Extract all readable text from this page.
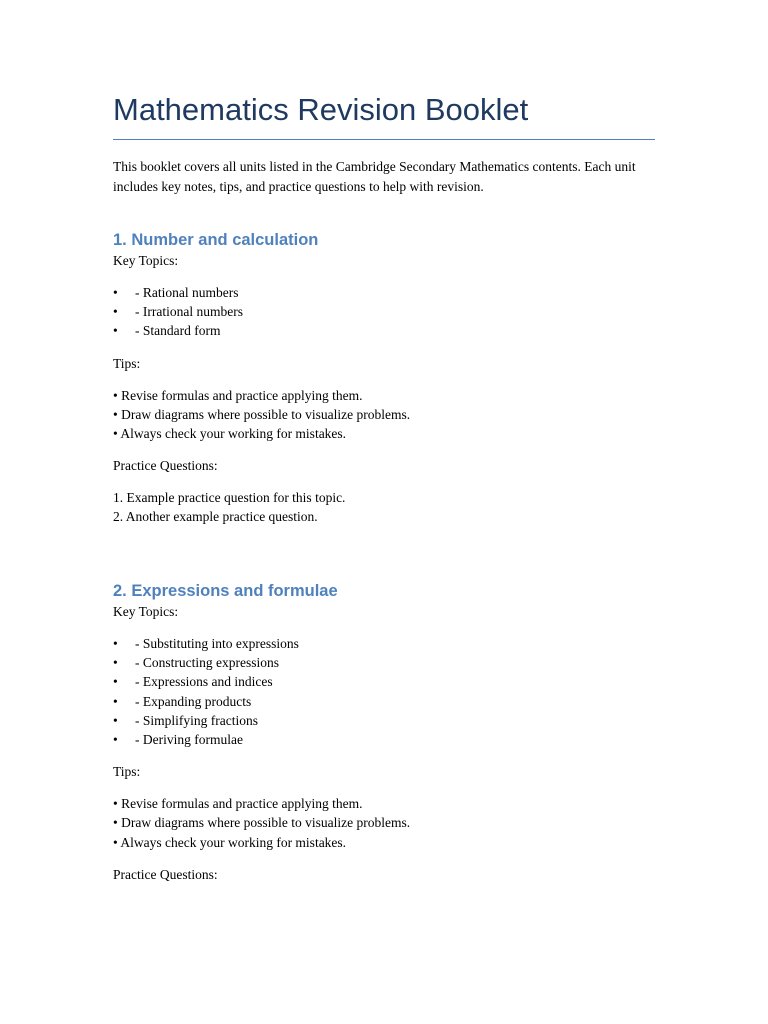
Mathematics Revision Booklet

This booklet covers all units listed in the Cambridge Secondary Mathematics contents. Each unit includes key notes, tips, and practice questions to help with revision.

1. Number and calculation

Key Topics:

• - Rational numbers
• - Irrational numbers
• - Standard form

Tips:

• Revise formulas and practice applying them.
• Draw diagrams where possible to visualize problems.
• Always check your working for mistakes.

Practice Questions:

1. Example practice question for this topic.
2. Another example practice question.
2. Expressions and formulae

Key Topics:

• - Substituting into expressions
• - Constructing expressions
• - Expressions and indices
• - Expanding products
• - Simplifying fractions
• - Deriving formulae

Tips:

• Revise formulas and practice applying them.
• Draw diagrams where possible to visualize problems.
• Always check your working for mistakes.

Practice Questions:
